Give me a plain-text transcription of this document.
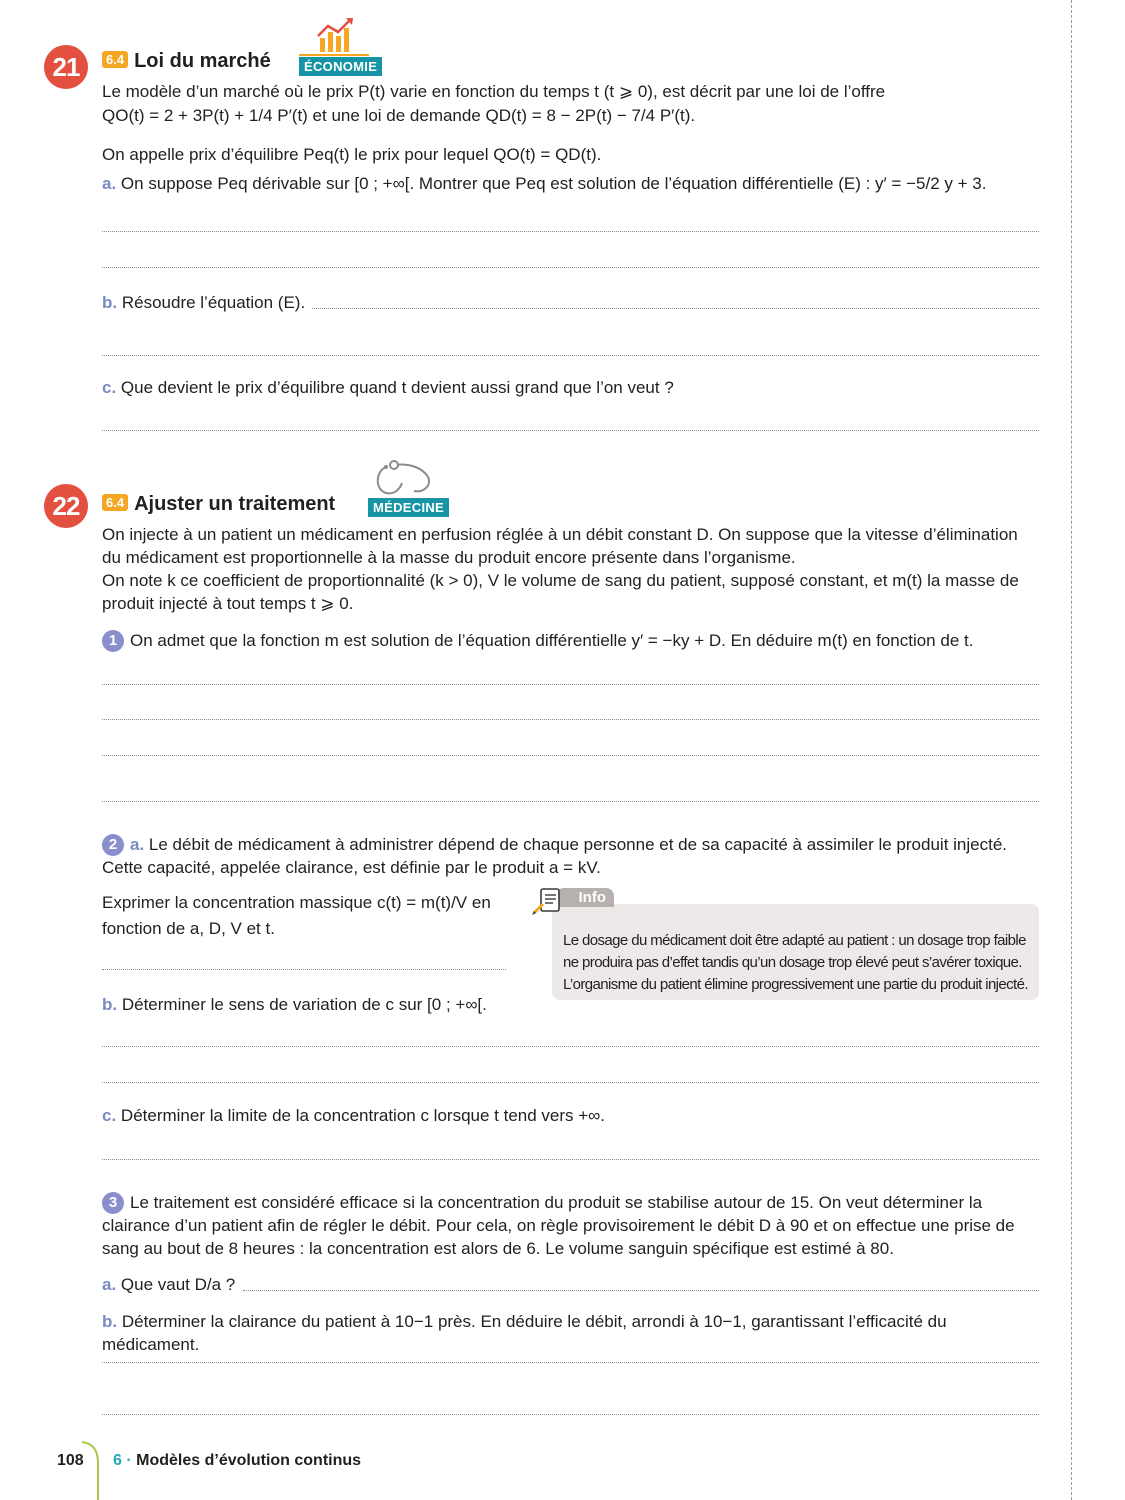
21	6.4 Loi du marché	ÉCONOMIE

Le modèle d’un marché où le prix P(t) varie en fonction du temps t (t ⩾ 0), est décrit par une loi de l’offre

QO(t) = 2 + 3P(t) + 1/4 P′(t) et une loi de demande QD(t) = 8 − 2P(t) − 7/4 P′(t).

On appelle prix d’équilibre Peq(t) le prix pour lequel QO(t) = QD(t).

a. On suppose Peq dérivable sur [0 ; +∞[. Montrer que Peq est solution de l’équation différentielle (E) : y′ = −5/2 y + 3.

b. Résoudre l’équation (E).

c. Que devient le prix d’équilibre quand t devient aussi grand que l’on veut ?

22	6.4 Ajuster un traitement	MÉDECINE

On injecte à un patient un médicament en perfusion réglée à un débit constant D. On suppose que la vitesse d’élimination du médicament est proportionnelle à la masse du produit encore présente dans l’organisme.

On note k ce coefficient de proportionnalité (k > 0), V le volume de sang du patient, supposé constant, et m(t) la masse de produit injecté à tout temps t ⩾ 0.

1 On admet que la fonction m est solution de l’équation différentielle y′ = −ky + D. En déduire m(t) en fonction de t.

2 a. Le débit de médicament à administrer dépend de chaque personne et de sa capacité à assimiler le produit injecté. Cette capacité, appelée clairance, est définie par le produit a = kV.

Exprimer la concentration massique c(t) = m(t)/V en fonction de a, D, V et t.

Info
Le dosage du médicament doit être adapté au patient : un dosage trop faible ne produira pas d’effet tandis qu’un dosage trop élevé peut s’avérer toxique. L’organisme du patient élimine progressivement une partie du produit injecté.

b. Déterminer le sens de variation de c sur [0 ; +∞[.

c. Déterminer la limite de la concentration c lorsque t tend vers +∞.

3 Le traitement est considéré efficace si la concentration du produit se stabilise autour de 15. On veut déterminer la clairance d’un patient afin de régler le débit. Pour cela, on règle provisoirement le débit D à 90 et on effectue une prise de sang au bout de 8 heures : la concentration est alors de 6. Le volume sanguin spécifique est estimé à 80.

a. Que vaut D/a ?

b. Déterminer la clairance du patient à 10−1 près. En déduire le débit, arrondi à 10−1, garantissant l’efficacité du médicament.

108 6 · Modèles d’évolution continus
